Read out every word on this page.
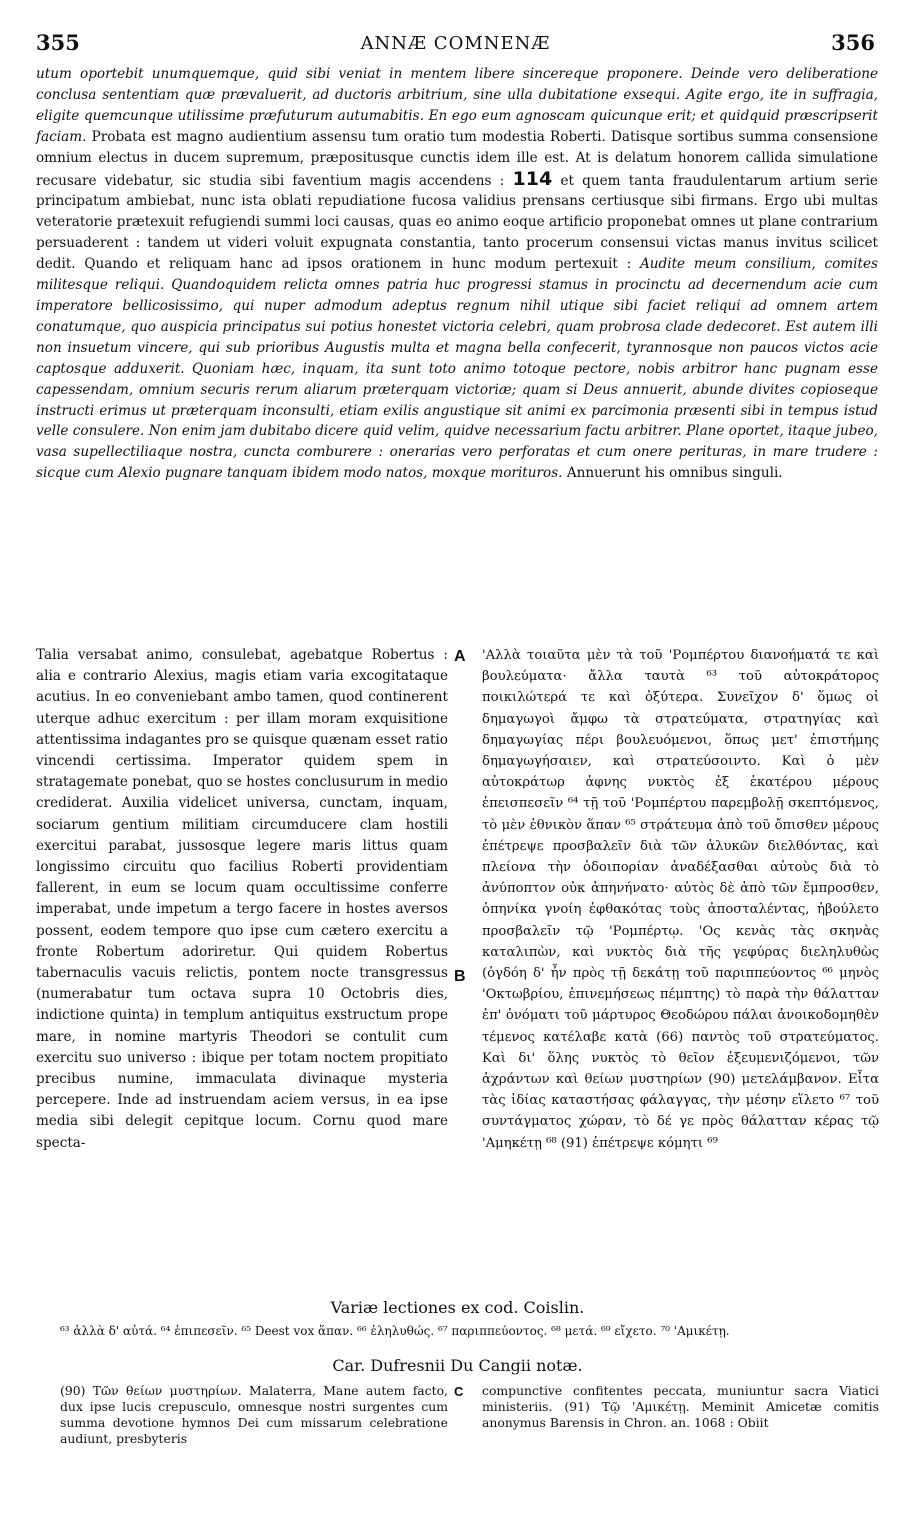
355	ANNÆ COMNENÆ	356

utum oportebit unumquemque, quid sibi veniat in mentem libere sincereque proponere. Deinde vero deliberatione conclusa sententiam quæ prævaluerit, ad ductoris arbitrium, sine ulla dubitatione exsequi. Agite ergo, ite in suffragia, eligite quemcunque utilissime præfuturum autumabitis. En ego eum agnoscam quicunque erit; et quidquid præscripserit faciam. Probata est magno audientium assensu tum oratio tum modestia Roberti. Datisque sortibus summa consensione omnium electus in ducem supremum, præpositusque cunctis idem ille est. At is delatum honorem callida simulatione recusare videbatur, sic studia sibi faventium magis accendens : 114 et quem tanta fraudulentarum artium serie principatum ambiebat, nunc ista oblati repudiatione fucosa validius prensans certiusque sibi firmans. Ergo ubi multas veteratorie prætexuit refugiendi summi loci causas, quas eo animo eoque artificio proponebat omnes ut plane contrarium persuaderent : tandem ut videri voluit expugnata constantia, tanto procerum consensui victas manus invitus scilicet dedit. Quando et reliquam hanc ad ipsos orationem in hunc modum pertexuit : Audite meum consilium, comites militesque reliqui. Quandoquidem relicta omnes patria huc progressi stamus in procinctu ad decernendum acie cum imperatore bellicosissimo, qui nuper admodum adeptus regnum nihil utique sibi faciet reliqui ad omnem artem conatumque, quo auspicia principatus sui potius honestet victoria celebri, quam probrosa clade dedecoret. Est autem illi non insuetum vincere, qui sub prioribus Augustis multa et magna bella confecerit, tyrannosque non paucos victos acie captosque adduxerit. Quoniam hæc, inquam, ita sunt toto animo totoque pectore, nobis arbitror hanc pugnam esse capessendam, omnium securis rerum aliarum præterquam victoriæ; quam si Deus annuerit, abunde divites copioseque instructi erimus ut præterquam inconsulti, etiam exilis angustique sit animi ex parcimonia præsenti sibi in tempus istud velle consulere. Non enim jam dubitabo dicere quid velim, quidve necessarium factu arbitrer. Plane oportet, itaque jubeo, vasa supellectiliaque nostra, cuncta comburere : onerarias vero perforatas et cum onere perituras, in mare trudere : sicque cum Alexio pugnare tanquam ibidem modo natos, moxque morituros. Annuerunt his omnibus singuli.

Talia versabat animo, consulebat, agebatque Robertus : alia e contrario Alexius, magis etiam varia excogitataque acutius. In eo conveniebant ambo tamen, quod continerent uterque adhuc exercitum : per illam moram exquisitione attentissima indagantes pro se quisque quænam esset ratio vincendi certissima. Imperator quidem spem in stratagemate ponebat, quo se hostes conclusurum in medio crediderat. Auxilia videlicet universa, cunctam, inquam, sociarum gentium militiam circumducere clam hostili exercitui parabat, jussosque legere maris littus quam longissimo circuitu quo facilius Roberti providentiam fallerent, in eum se locum quam occultissime conferre imperabat, unde impetum a tergo facere in hostes aversos possent, eodem tempore quo ipse cum cætero exercitu a fronte Robertum adoriretur. Qui quidem Robertus tabernaculis vacuis relictis, pontem nocte transgressus (numerabatur tum octava supra 10 Octobris dies, indictione quinta) in templum antiquitus exstructum prope mare, in nomine martyris Theodori se contulit cum exercitu suo universo : ibique per totam noctem propitiato precibus numine, immaculata divinaque mysteria percepere. Inde ad instruendam aciem versus, in ea ipse media sibi delegit cepitque locum. Cornu quod mare specta-

A
B

'Αλλὰ τοιαῦτα μὲν τὰ τοῦ 'Ρομπέρτου διανοήματά τε καὶ βουλεύματα· ἄλλα ταυτὰ ⁶³ τοῦ αὐτοκράτορος ποικιλώτερά τε καὶ ὀξύτερα. Συνεῖχον δ' ὅμως οἱ δημαγωγοὶ ἄμφω τὰ στρατεύματα, στρατηγίας καὶ δημαγωγίας πέρι βουλευόμενοι, ὅπως μετ' ἐπιστήμης δημαγωγήσαιεν, καὶ στρατεύσοιντο. Καὶ ὁ μὲν αὐτοκράτωρ ἀφνης νυκτὸς ἐξ ἑκατέρου μέρους ἐπεισπεσεῖν ⁶⁴ τῇ τοῦ 'Ρομπέρτου παρεμβολῇ σκεπτόμενος, τὸ μὲν ἐθνικὸν ἅπαν ⁶⁵ στράτευμα ἀπὸ τοῦ ὄπισθεν μέρους ἐπέτρεψε προσβαλεῖν διὰ τῶν ἁλυκῶν διελθόντας, καὶ πλείονα τὴν ὁδοιπορίαν ἀναδέξασθαι αὐτοὺς διὰ τὸ ἀνύποπτον οὐκ ἀπηνήνατο· αὐτὸς δὲ ἀπὸ τῶν ἔμπροσθεν, ὁπηνίκα γνοίη ἐφθακότας τοὺς ἀποσταλέντας, ἠβούλετο προσβαλεῖν τῷ 'Ρομπέρτῳ. 'Ος κενὰς τὰς σκηνὰς καταλιπὼν, καὶ νυκτὸς διὰ τῆς γεφύρας διεληλυθὼς (ὀγδόη δ' ἦν πρὸς τῇ δεκάτῃ τοῦ παριππεύοντος ⁶⁶ μηνὸς 'Οκτωβρίου, ἐπινεμήσεως πέμπτης) τὸ παρὰ τὴν θάλατταν ἐπ' ὀνόματι τοῦ μάρτυρος Θεοδώρου πάλαι ἀνοικοδομηθὲν τέμενος κατέλαβε κατὰ (66) παντὸς τοῦ στρατεύματος. Καὶ δι' ὅλης νυκτὸς τὸ θεῖον ἐξευμενιζόμενοι, τῶν ἀχράντων καὶ θείων μυστηρίων (90) μετελάμβανον. Εἶτα τὰς ἰδίας καταστήσας φάλαγγας, τὴν μέσην εἵλετο ⁶⁷ τοῦ συντάγματος χώραν, τὸ δέ γε πρὸς θάλατταν κέρας τῷ 'Αμηκέτῃ ⁶⁸ (91) ἐπέτρεψε κόμητι ⁶⁹

Variæ lectiones ex cod. Coislin.

⁶³ ἀλλὰ δ' αὐτά. ⁶⁴ ἐπιπεσεῖν. ⁶⁵ Deest vox ἅπαν. ⁶⁶ ἐληλυθώς. ⁶⁷ παριππεύοντος. ⁶⁸ μετά. ⁶⁹ εἴχετο. ⁷⁰ 'Αμικέτῃ.

Car. Dufresnii Du Cangii notæ.

(90) Τῶν θείων μυστηρίων. Malaterra, Mane autem facto, dux ipse lucis crepusculo, omnesque nostri surgentes cum summa devotione hymnos Dei cum missarum celebratione audiunt, presbyteris

C compunctive confitentes peccata, muniuntur sacra Viatici ministeriis. (91) Τῷ 'Αμικέτῃ. Meminit Amicetæ comitis anonymus Barensis in Chron. an. 1068 : Obiit
